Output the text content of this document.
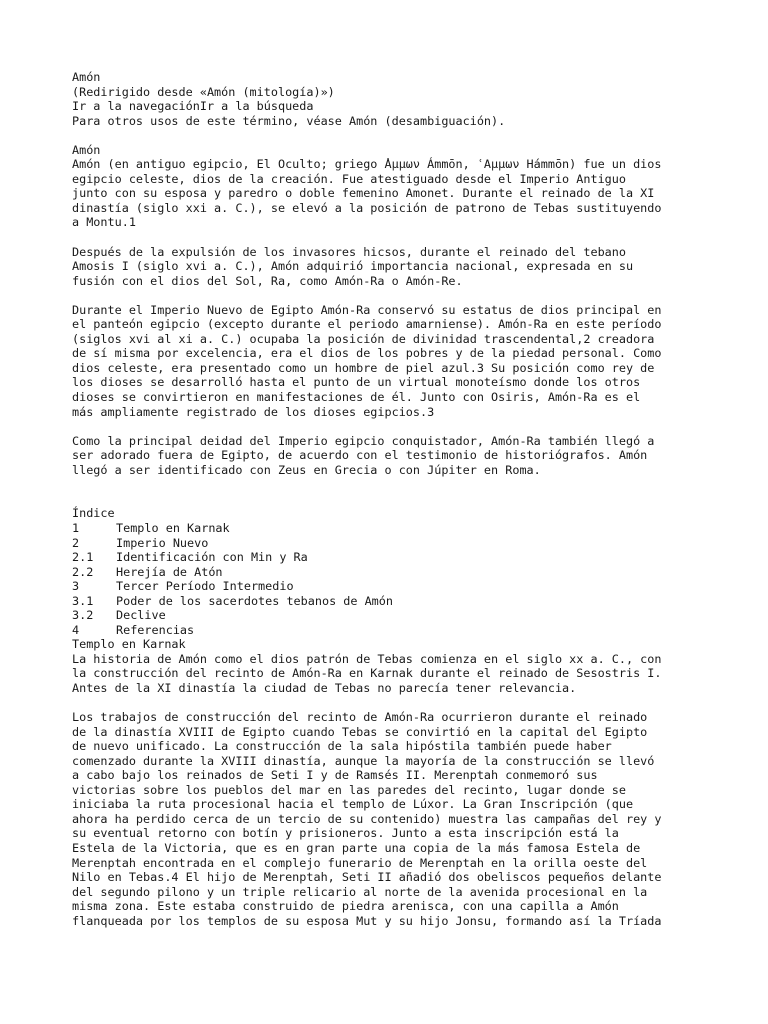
Amón
(Redirigido desde «Amón (mitología)»)
Ir a la navegaciónIr a la búsqueda
Para otros usos de este término, véase Amón (desambiguación).
Amón
Amón (en antiguo egipcio, El Oculto; griego ̓Αμμων Ámmōn, ʿΑμμων Hámmōn) fue un dios
egipcio celeste, dios de la creación. Fue atestiguado desde el Imperio Antiguo
junto con su esposa y paredro o doble femenino Amonet. Durante el reinado de la XI
dinastía (siglo xxi a. C.), se elevó a la posición de patrono de Tebas sustituyendo
a Montu.1
Después de la expulsión de los invasores hicsos, durante el reinado del tebano
Amosis I (siglo xvi a. C.), Amón adquirió importancia nacional, expresada en su
fusión con el dios del Sol, Ra, como Amón-Ra o Amón-Re.
Durante el Imperio Nuevo de Egipto Amón-Ra conservó su estatus de dios principal en
el panteón egipcio (excepto durante el periodo amarniense). Amón-Ra en este período
(siglos xvi al xi a. C.) ocupaba la posición de divinidad trascendental,2 creadora
de sí misma por excelencia, era el dios de los pobres y de la piedad personal. Como
dios celeste, era presentado como un hombre de piel azul.3 Su posición como rey de
los dioses se desarrolló hasta el punto de un virtual monoteísmo donde los otros
dioses se convirtieron en manifestaciones de él. Junto con Osiris, Amón-Ra es el
más ampliamente registrado de los dioses egipcios.3
Como la principal deidad del Imperio egipcio conquistador, Amón-Ra también llegó a
ser adorado fuera de Egipto, de acuerdo con el testimonio de historiógrafos. Amón
llegó a ser identificado con Zeus en Grecia o con Júpiter en Roma.
Índice
1	Templo en Karnak
2	Imperio Nuevo
2.1	Identificación con Min y Ra
2.2	Herejía de Atón
3	Tercer Período Intermedio
3.1	Poder de los sacerdotes tebanos de Amón
3.2	Declive
4	Referencias
Templo en Karnak
La historia de Amón como el dios patrón de Tebas comienza en el siglo xx a. C., con
la construcción del recinto de Amón-Ra en Karnak durante el reinado de Sesostris I.
Antes de la XI dinastía la ciudad de Tebas no parecía tener relevancia.
Los trabajos de construcción del recinto de Amón-Ra ocurrieron durante el reinado
de la dinastía XVIII de Egipto cuando Tebas se convirtió en la capital del Egipto
de nuevo unificado. La construcción de la sala hipóstila también puede haber
comenzado durante la XVIII dinastía, aunque la mayoría de la construcción se llevó
a cabo bajo los reinados de Seti I y de Ramsés II. Merenptah conmemoró sus
victorias sobre los pueblos del mar en las paredes del recinto, lugar donde se
iniciaba la ruta procesional hacia el templo de Lúxor. La Gran Inscripción (que
ahora ha perdido cerca de un tercio de su contenido) muestra las campañas del rey y
su eventual retorno con botín y prisioneros. Junto a esta inscripción está la
Estela de la Victoria, que es en gran parte una copia de la más famosa Estela de
Merenptah encontrada en el complejo funerario de Merenptah en la orilla oeste del
Nilo en Tebas.4 El hijo de Merenptah, Seti II añadió dos obeliscos pequeños delante
del segundo pilono y un triple relicario al norte de la avenida procesional en la
misma zona. Este estaba construido de piedra arenisca, con una capilla a Amón
flanqueada por los templos de su esposa Mut y su hijo Jonsu, formando así la Tríada
